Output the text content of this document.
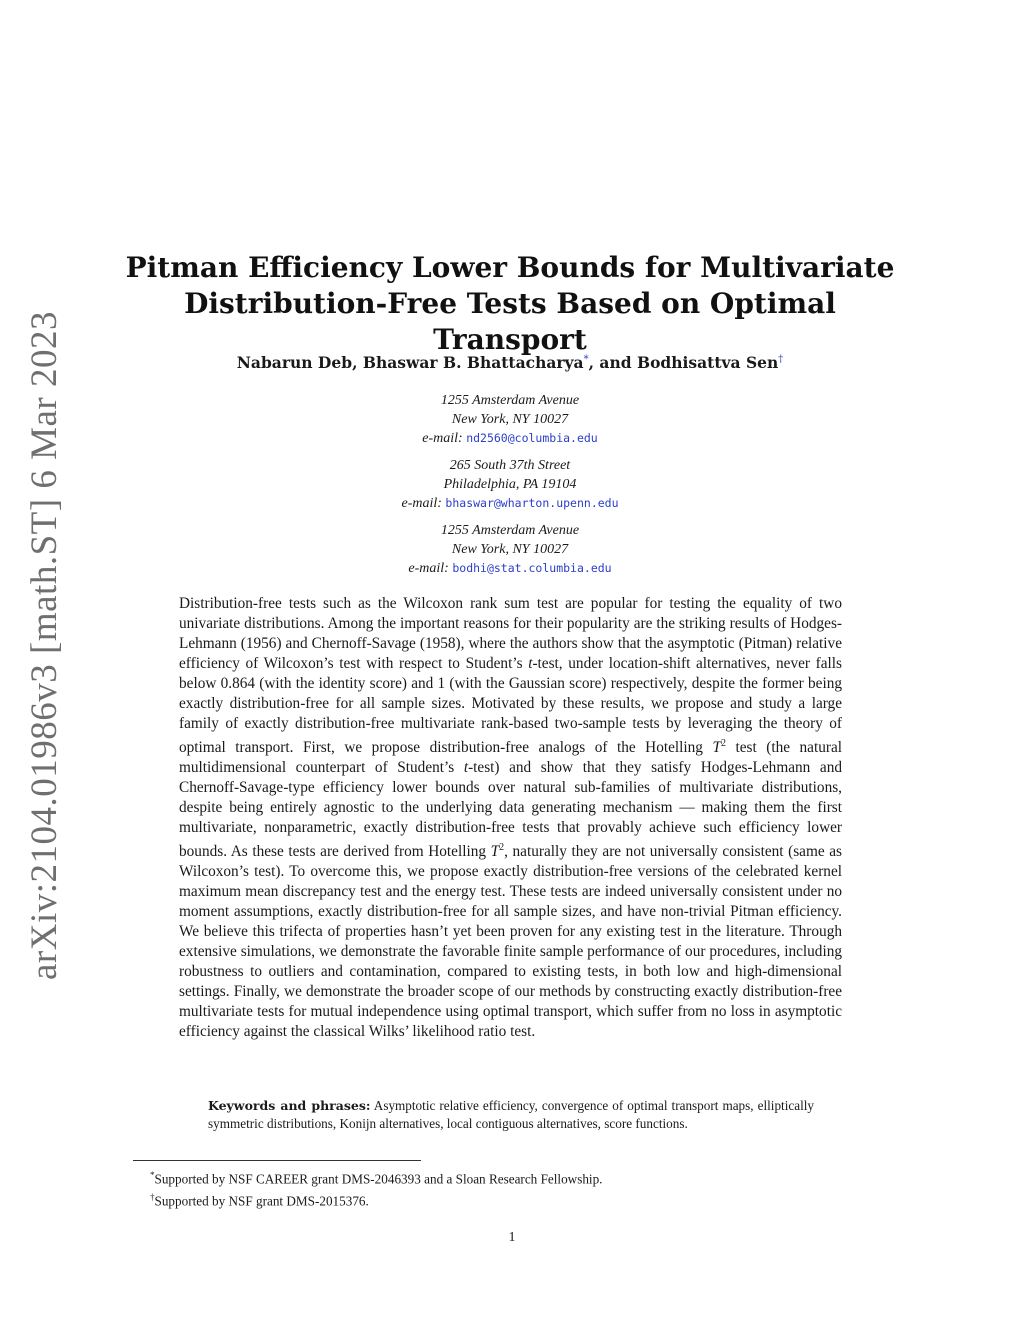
arXiv:2104.01986v3 [math.ST] 6 Mar 2023
Pitman Efficiency Lower Bounds for Multivariate
Distribution-Free Tests Based on Optimal Transport
Nabarun Deb, Bhaswar B. Bhattacharya*, and Bodhisattva Sen†
1255 Amsterdam Avenue
New York, NY 10027
e-mail: nd2560@columbia.edu
265 South 37th Street
Philadelphia, PA 19104
e-mail: bhaswar@wharton.upenn.edu
1255 Amsterdam Avenue
New York, NY 10027
e-mail: bodhi@stat.columbia.edu

Distribution-free tests such as the Wilcoxon rank sum test are popular for testing the equality of two univariate distributions. Among the important reasons for their popularity are the striking results of Hodges-Lehmann (1956) and Chernoff-Savage (1958), where the authors show that the asymptotic (Pitman) relative efficiency of Wilcoxon’s test with respect to Student’s t-test, under location-shift alternatives, never falls below 0.864 (with the identity score) and 1 (with the Gaussian score) respectively, despite the former being exactly distribution-free for all sample sizes. Motivated by these results, we propose and study a large family of exactly distribution-free multivariate rank-based two-sample tests by leveraging the theory of optimal transport. First, we propose distribution-free analogs of the Hotelling $T^2$ test (the natural multidimensional counterpart of Student’s t-test) and show that they satisfy Hodges-Lehmann and Chernoff-Savage-type efficiency lower bounds over natural sub-families of multivariate distributions, despite being entirely agnostic to the underlying data generating mechanism — making them the first multivariate, nonparametric, exactly distribution-free tests that provably achieve such efficiency lower bounds. As these tests are derived from Hotelling $T^2$, naturally they are not universally consistent (same as Wilcoxon’s test). To overcome this, we propose exactly distribution-free versions of the celebrated kernel maximum mean discrepancy test and the energy test. These tests are indeed universally consistent under no moment assumptions, exactly distribution-free for all sample sizes, and have non-trivial Pitman efficiency. We believe this trifecta of properties hasn’t yet been proven for any existing test in the literature. Through extensive simulations, we demonstrate the favorable finite sample performance of our procedures, including robustness to outliers and contamination, compared to existing tests, in both low and high-dimensional settings. Finally, we demonstrate the broader scope of our methods by constructing exactly distribution-free multivariate tests for mutual independence using optimal transport, which suffer from no loss in asymptotic efficiency against the classical Wilks’ likelihood ratio test.

Keywords and phrases: Asymptotic relative efficiency, convergence of optimal transport maps, elliptically symmetric distributions, Konijn alternatives, local contiguous alternatives, score functions.
*Supported by NSF CAREER grant DMS-2046393 and a Sloan Research Fellowship.
†Supported by NSF grant DMS-2015376.
1
